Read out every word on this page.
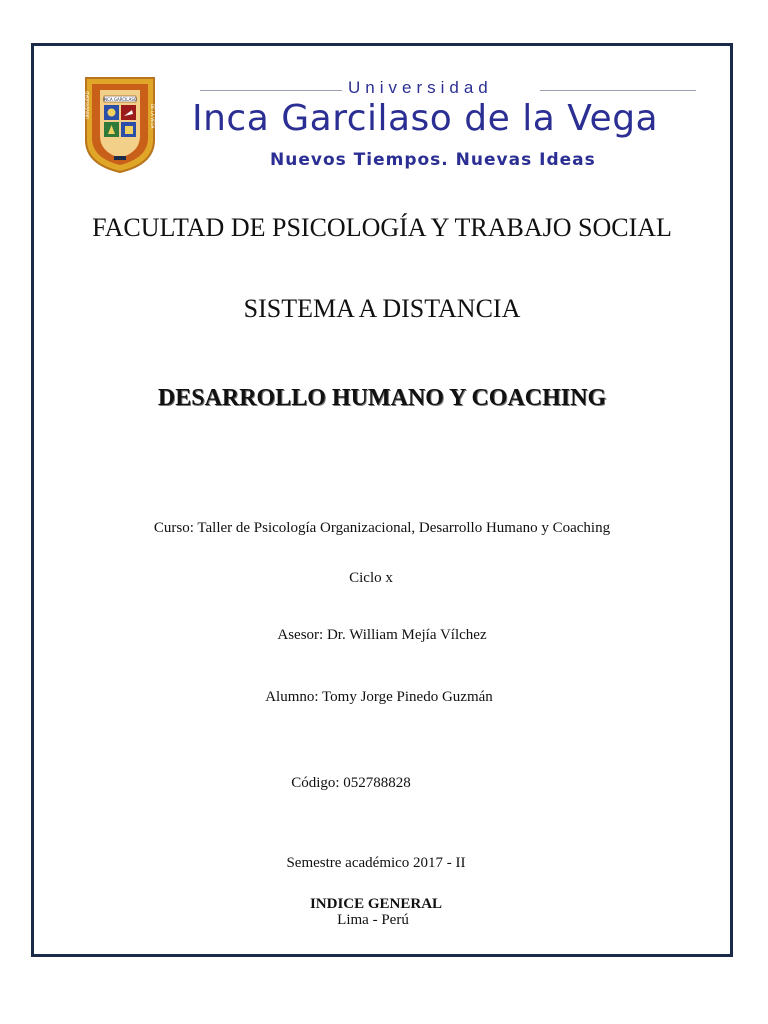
INCA GARCILASO
UNIVERSIDAD	DE LA VEGA
Universidad
Inca Garcilaso de la Vega
Nuevos Tiempos. Nuevas Ideas
FACULTAD DE PSICOLOGÍA Y TRABAJO SOCIAL
SISTEMA A DISTANCIA
DESARROLLO HUMANO Y COACHING
Curso: Taller de Psicología Organizacional, Desarrollo Humano y Coaching
Ciclo x
Asesor: Dr. William Mejía Vílchez
Alumno: Tomy Jorge Pinedo Guzmán
Código: 052788828
Semestre académico 2017 - II
INDICE GENERAL
Lima - Perú
